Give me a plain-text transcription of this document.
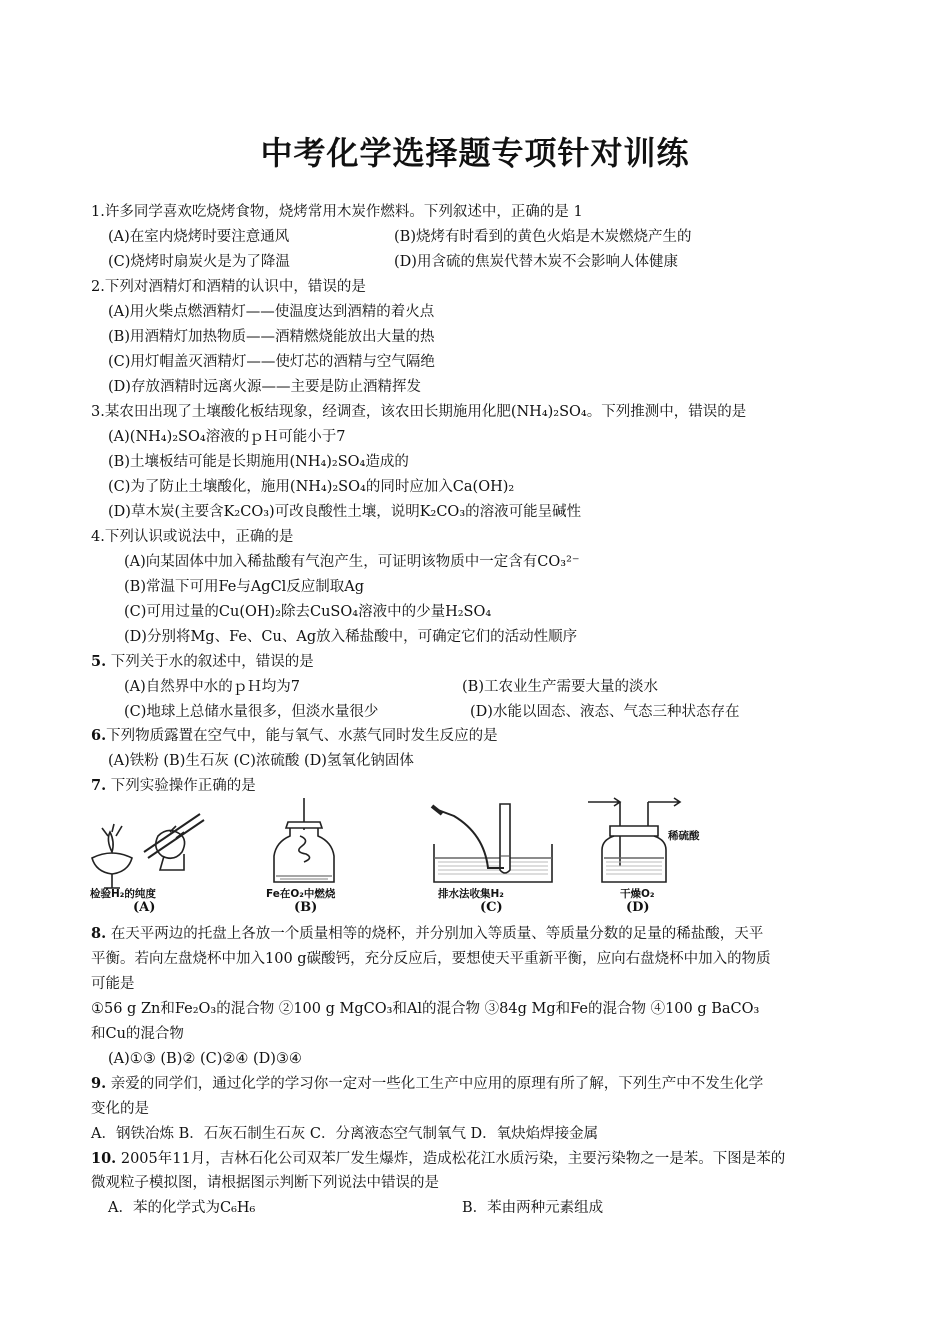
中考化学选择题专项针对训练
1.许多同学喜欢吃烧烤食物，烧烤常用木炭作燃料。下列叙述中，正确的是 1
(A)在室内烧烤时要注意通风	(B)烧烤有时看到的黄色火焰是木炭燃烧产生的
(C)烧烤时扇炭火是为了降温	(D)用含硫的焦炭代替木炭不会影响人体健康
2.下列对酒精灯和酒精的认识中，错误的是
(A)用火柴点燃酒精灯——使温度达到酒精的着火点
(B)用酒精灯加热物质——酒精燃烧能放出大量的热
(C)用灯帽盖灭酒精灯——使灯芯的酒精与空气隔绝
(D)存放酒精时远离火源——主要是防止酒精挥发
3.某农田出现了土壤酸化板结现象，经调查，该农田长期施用化肥(NH₄)₂SO₄。下列推测中，错误的是
(A)(NH₄)₂SO₄溶液的ｐＨ可能小于7
(B)土壤板结可能是长期施用(NH₄)₂SO₄造成的
(C)为了防止土壤酸化，施用(NH₄)₂SO₄的同时应加入Ca(OH)₂
(D)草木炭(主要含K₂CO₃)可改良酸性土壤，说明K₂CO₃的溶液可能呈碱性
4.下列认识或说法中，正确的是
(A)向某固体中加入稀盐酸有气泡产生，可证明该物质中一定含有CO₃²⁻
(B)常温下可用Fe与AgCl反应制取Ag
(C)可用过量的Cu(OH)₂除去CuSO₄溶液中的少量H₂SO₄
(D)分别将Mg、Fe、Cu、Ag放入稀盐酸中，可确定它们的活动性顺序
5. 下列关于水的叙述中，错误的是
(A)自然界中水的ｐＨ均为7	(B)工农业生产需要大量的淡水
(C)地球上总储水量很多，但淡水量很少	(D)水能以固态、液态、气态三种状态存在
6.下列物质露置在空气中，能与氧气、水蒸气同时发生反应的是
(A)铁粉 (B)生石灰 (C)浓硫酸 (D)氢氧化钠固体
7. 下列实验操作正确的是
8. 在天平两边的托盘上各放一个质量相等的烧杯，并分别加入等质量、等质量分数的足量的稀盐酸，天平
平衡。若向左盘烧杯中加入100 g碳酸钙，充分反应后，要想使天平重新平衡，应向右盘烧杯中加入的物质
可能是
①56 g Zn和Fe₂O₃的混合物 ②100 g MgCO₃和Al的混合物 ③84g Mg和Fe的混合物 ④100 g BaCO₃
和Cu的混合物
(A)①③ (B)② (C)②④ (D)③④
9. 亲爱的同学们，通过化学的学习你一定对一些化工生产中应用的原理有所了解，下列生产中不发生化学
变化的是
A．钢铁冶炼 B．石灰石制生石灰 C．分离液态空气制氧气 D．氧炔焰焊接金属
10. 2005年11月，吉林石化公司双苯厂发生爆炸，造成松花江水质污染，主要污染物之一是苯。下图是苯的
微观粒子模拟图，请根据图示判断下列说法中错误的是
A．苯的化学式为C₆H₆	B．苯由两种元素组成
检验H₂的纯度
(A)
Fe在O₂中燃烧
(B)
排水法收集H₂
(C)
稀硫酸
干燥O₂
(D)
